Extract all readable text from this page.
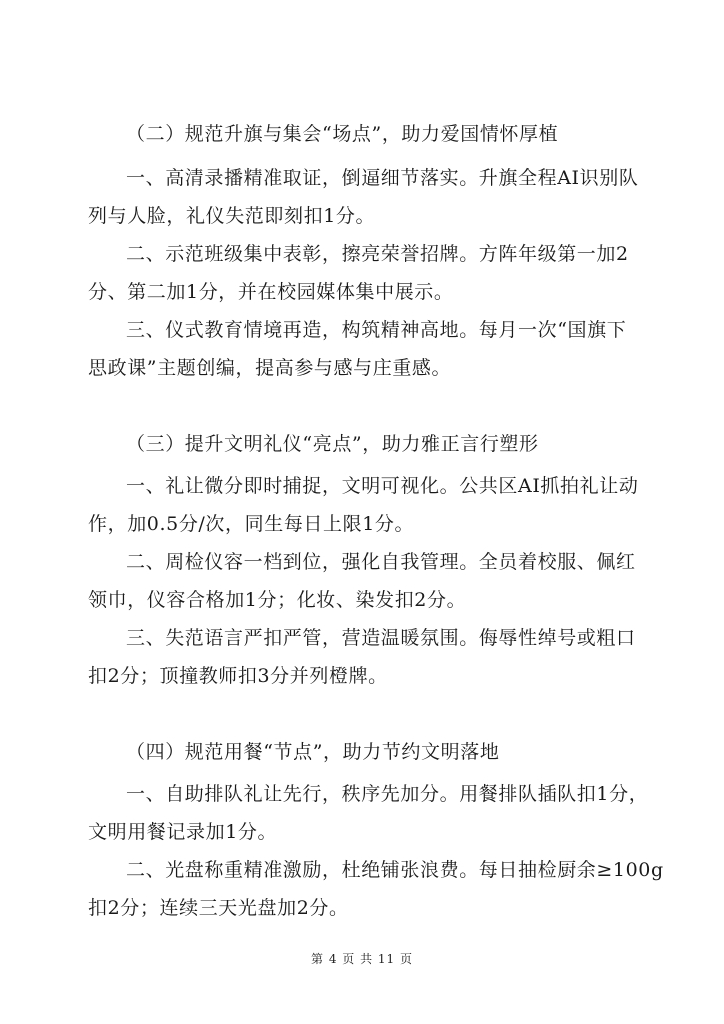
（二）规范升旗与集会“场点”，助力爱国情怀厚植
一、高清录播精准取证，倒逼细节落实。升旗全程AI识别队
列与人脸，礼仪失范即刻扣1分。
二、示范班级集中表彰，擦亮荣誉招牌。方阵年级第一加2
分、第二加1分，并在校园媒体集中展示。
三、仪式教育情境再造，构筑精神高地。每月一次“国旗下
思政课”主题创编，提高参与感与庄重感。
（三）提升文明礼仪“亮点”，助力雅正言行塑形
一、礼让微分即时捕捉，文明可视化。公共区AI抓拍礼让动
作，加0.5分/次，同生每日上限1分。
二、周检仪容一档到位，强化自我管理。全员着校服、佩红
领巾，仪容合格加1分；化妆、染发扣2分。
三、失范语言严扣严管，营造温暖氛围。侮辱性绰号或粗口
扣2分；顶撞教师扣3分并列橙牌。
（四）规范用餐“节点”，助力节约文明落地
一、自助排队礼让先行，秩序先加分。用餐排队插队扣1分，
文明用餐记录加1分。
二、光盘称重精准激励，杜绝铺张浪费。每日抽检厨余≥100g
扣2分；连续三天光盘加2分。
第 4 页 共 11 页
